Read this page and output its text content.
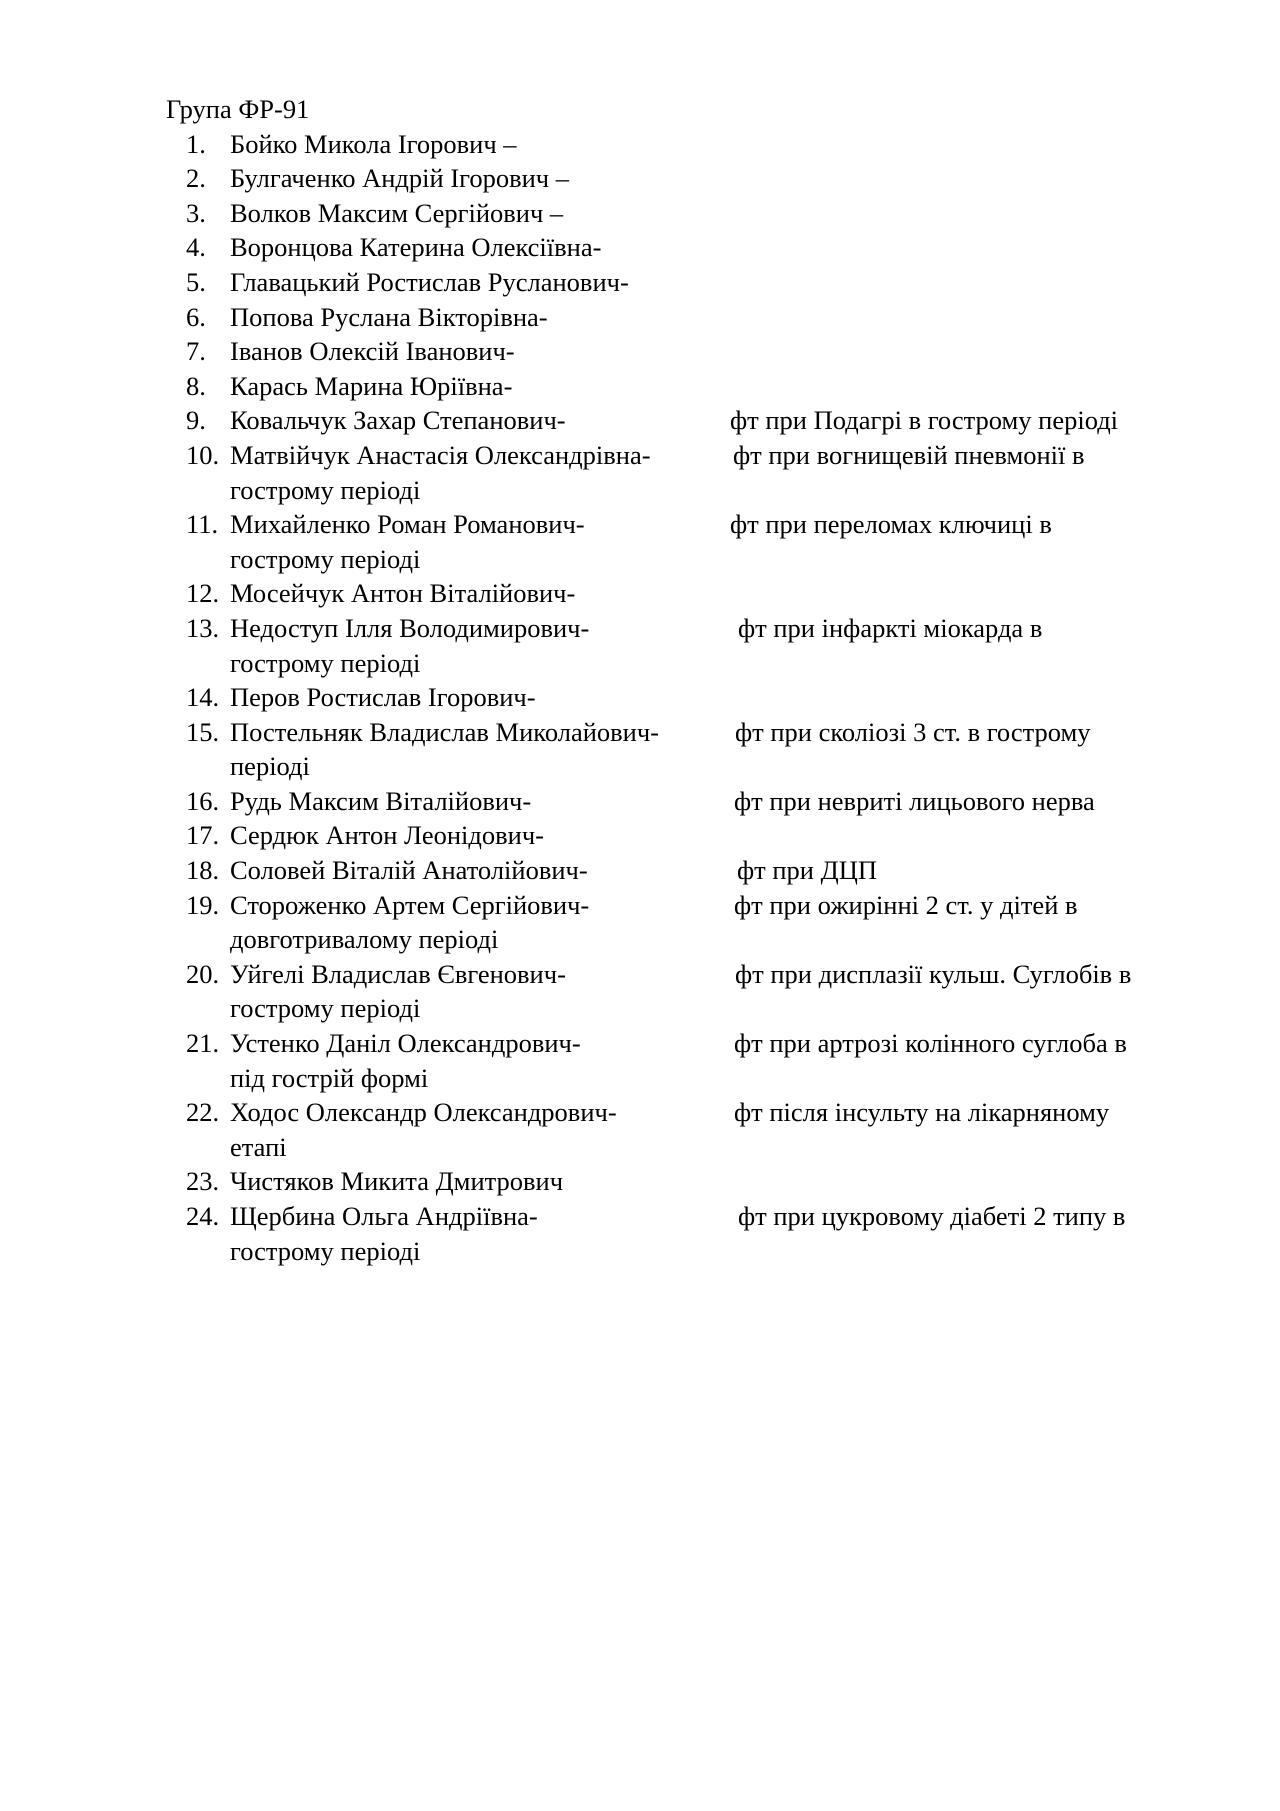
Група ФР-91
1. Бойко Микола Ігорович –
2. Булгаченко Андрій Ігорович –
3. Волков Максим Сергійович –
4. Воронцова Катерина Олексіївна-
5. Главацький Ростислав Русланович-
6. Попова Руслана Вікторівна-
7. Іванов Олексій Іванович-
8. Карась Марина Юріївна-
9. Ковальчук Захар Степанович-	фт при Подагрі в гострому періоді
10. Матвійчук Анастасія Олександрівна-	фт при вогнищевій пневмонії в
гострому періоді
11. Михайленко Роман Романович-	фт при переломах ключиці в
гострому періоді
12. Мосейчук Антон Віталійович-
13. Недоступ Ілля Володимирович-	фт при інфаркті міокарда в
гострому періоді
14. Перов Ростислав Ігорович-
15. Постельняк Владислав Миколайович-	фт при сколіозі 3 ст. в гострому
періоді
16. Рудь Максим Віталійович-	фт при невриті лицьового нерва
17. Сердюк Антон Леонідович-
18. Соловей Віталій Анатолійович-	фт при ДЦП
19. Стороженко Артем Сергійович-	фт при ожирінні 2 ст. у дітей в
довготривалому періоді
20. Уйгелі Владислав Євгенович-	фт при дисплазії кульш. Суглобів в
гострому періоді
21. Устенко Даніл Олександрович-	фт при артрозі колінного суглоба в
під гострій формі
22. Ходос Олександр Олександрович-	фт після інсульту на лікарняному
етапі
23. Чистяков Микита Дмитрович
24. Щербина Ольга Андріївна-	фт при цукровому діабеті 2 типу в
гострому періоді
